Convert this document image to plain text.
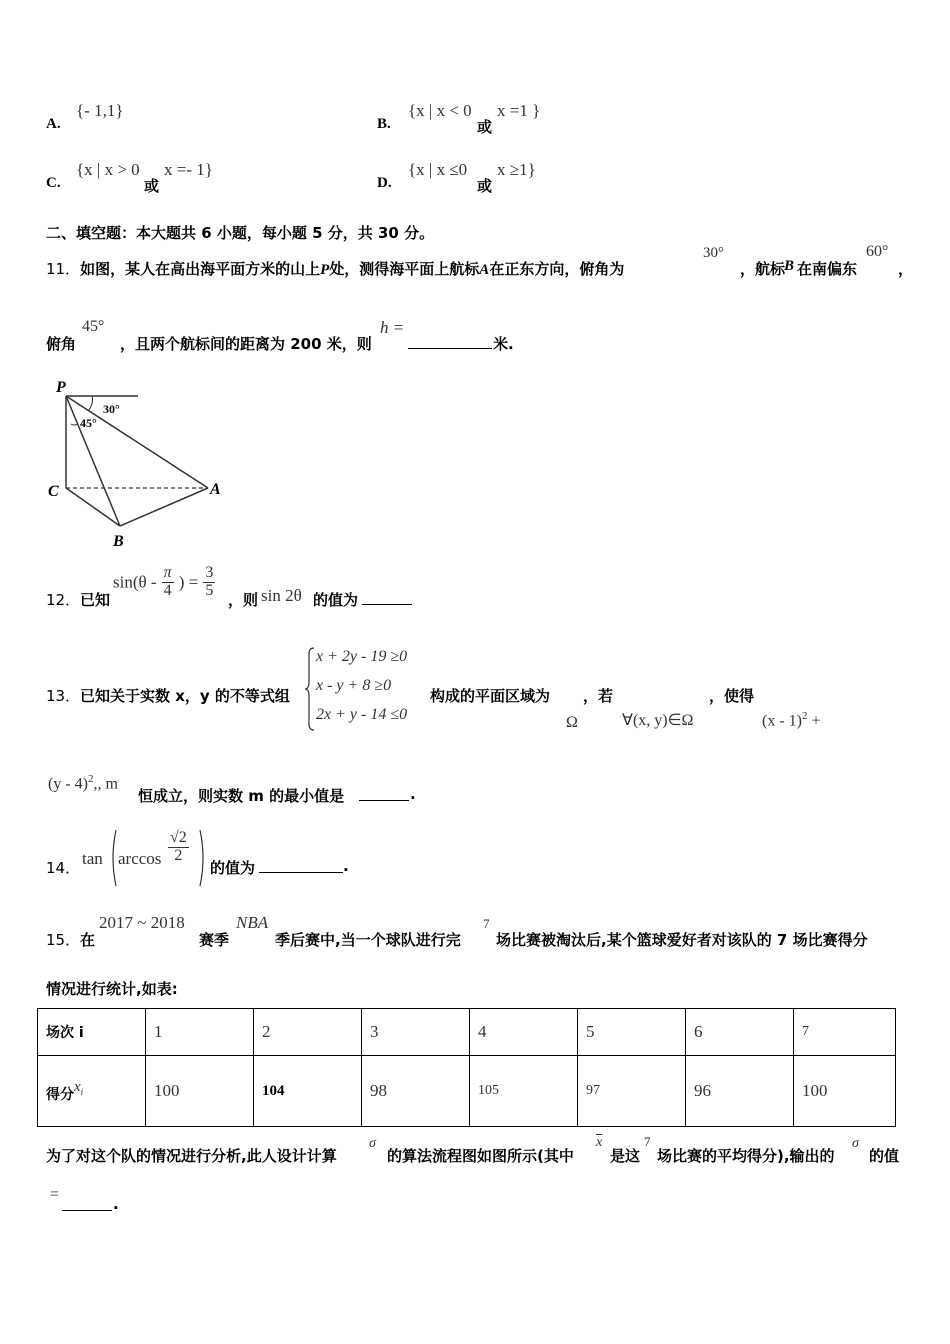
A.
{- 1,1}
B.
{x | x < 0
或
x =1 }
C.
{x | x > 0
或
x =- 1}
D.
{x | x ≤0
或
x ≥1}
二、填空题：本大题共 6 小题，每小题 5 分，共 30 分。
11．如图，某人在高出海平面方米的山上P处，测得海平面上航标A在正东方向，俯角为
30°
，航标
B 在南偏东
60°
，
俯角
45°
，且两个航标间的距离为 200 米，则
h =
米.
P
C	A
B
30°
45°
12． 已知
$\sin(\theta - \frac{\pi}{4}$ ) = $\frac{3}{5}$
，则 sin 2θ 的值为
13． 已知关于实数 x，y 的不等式组
x + 2y - 19 ≥0
x - y + 8 ≥0
2x + y - 14 ≤0
构成的平面区域为 ，若	，使得
Ω	∀(x, y)∈Ω	(x - 1)$^2$ +
(y - 4)$^2$,, m
恒成立，则实数 m 的最小值是	.
14． $\tan \arccos \frac{√2}{2}$
的值为	.
15． 在
2017 ~ 2018
赛季
NBA
季后赛中,当一个球队进行完
7
场比赛被淘汰后,某个篮球爱好者对该队的 7 场比赛得分
情况进行统计,如表:
场次 i	1	2	3	4	5	6	7
得分$x^i$	100	104	98	105	97	96	100
为了对这个队的情况进行分析,此人设计计算
σ
的算法流程图如图所示(其中
$\overline{x}$
是这
7
场比赛的平均得分),输出的
σ
的值
=
.
